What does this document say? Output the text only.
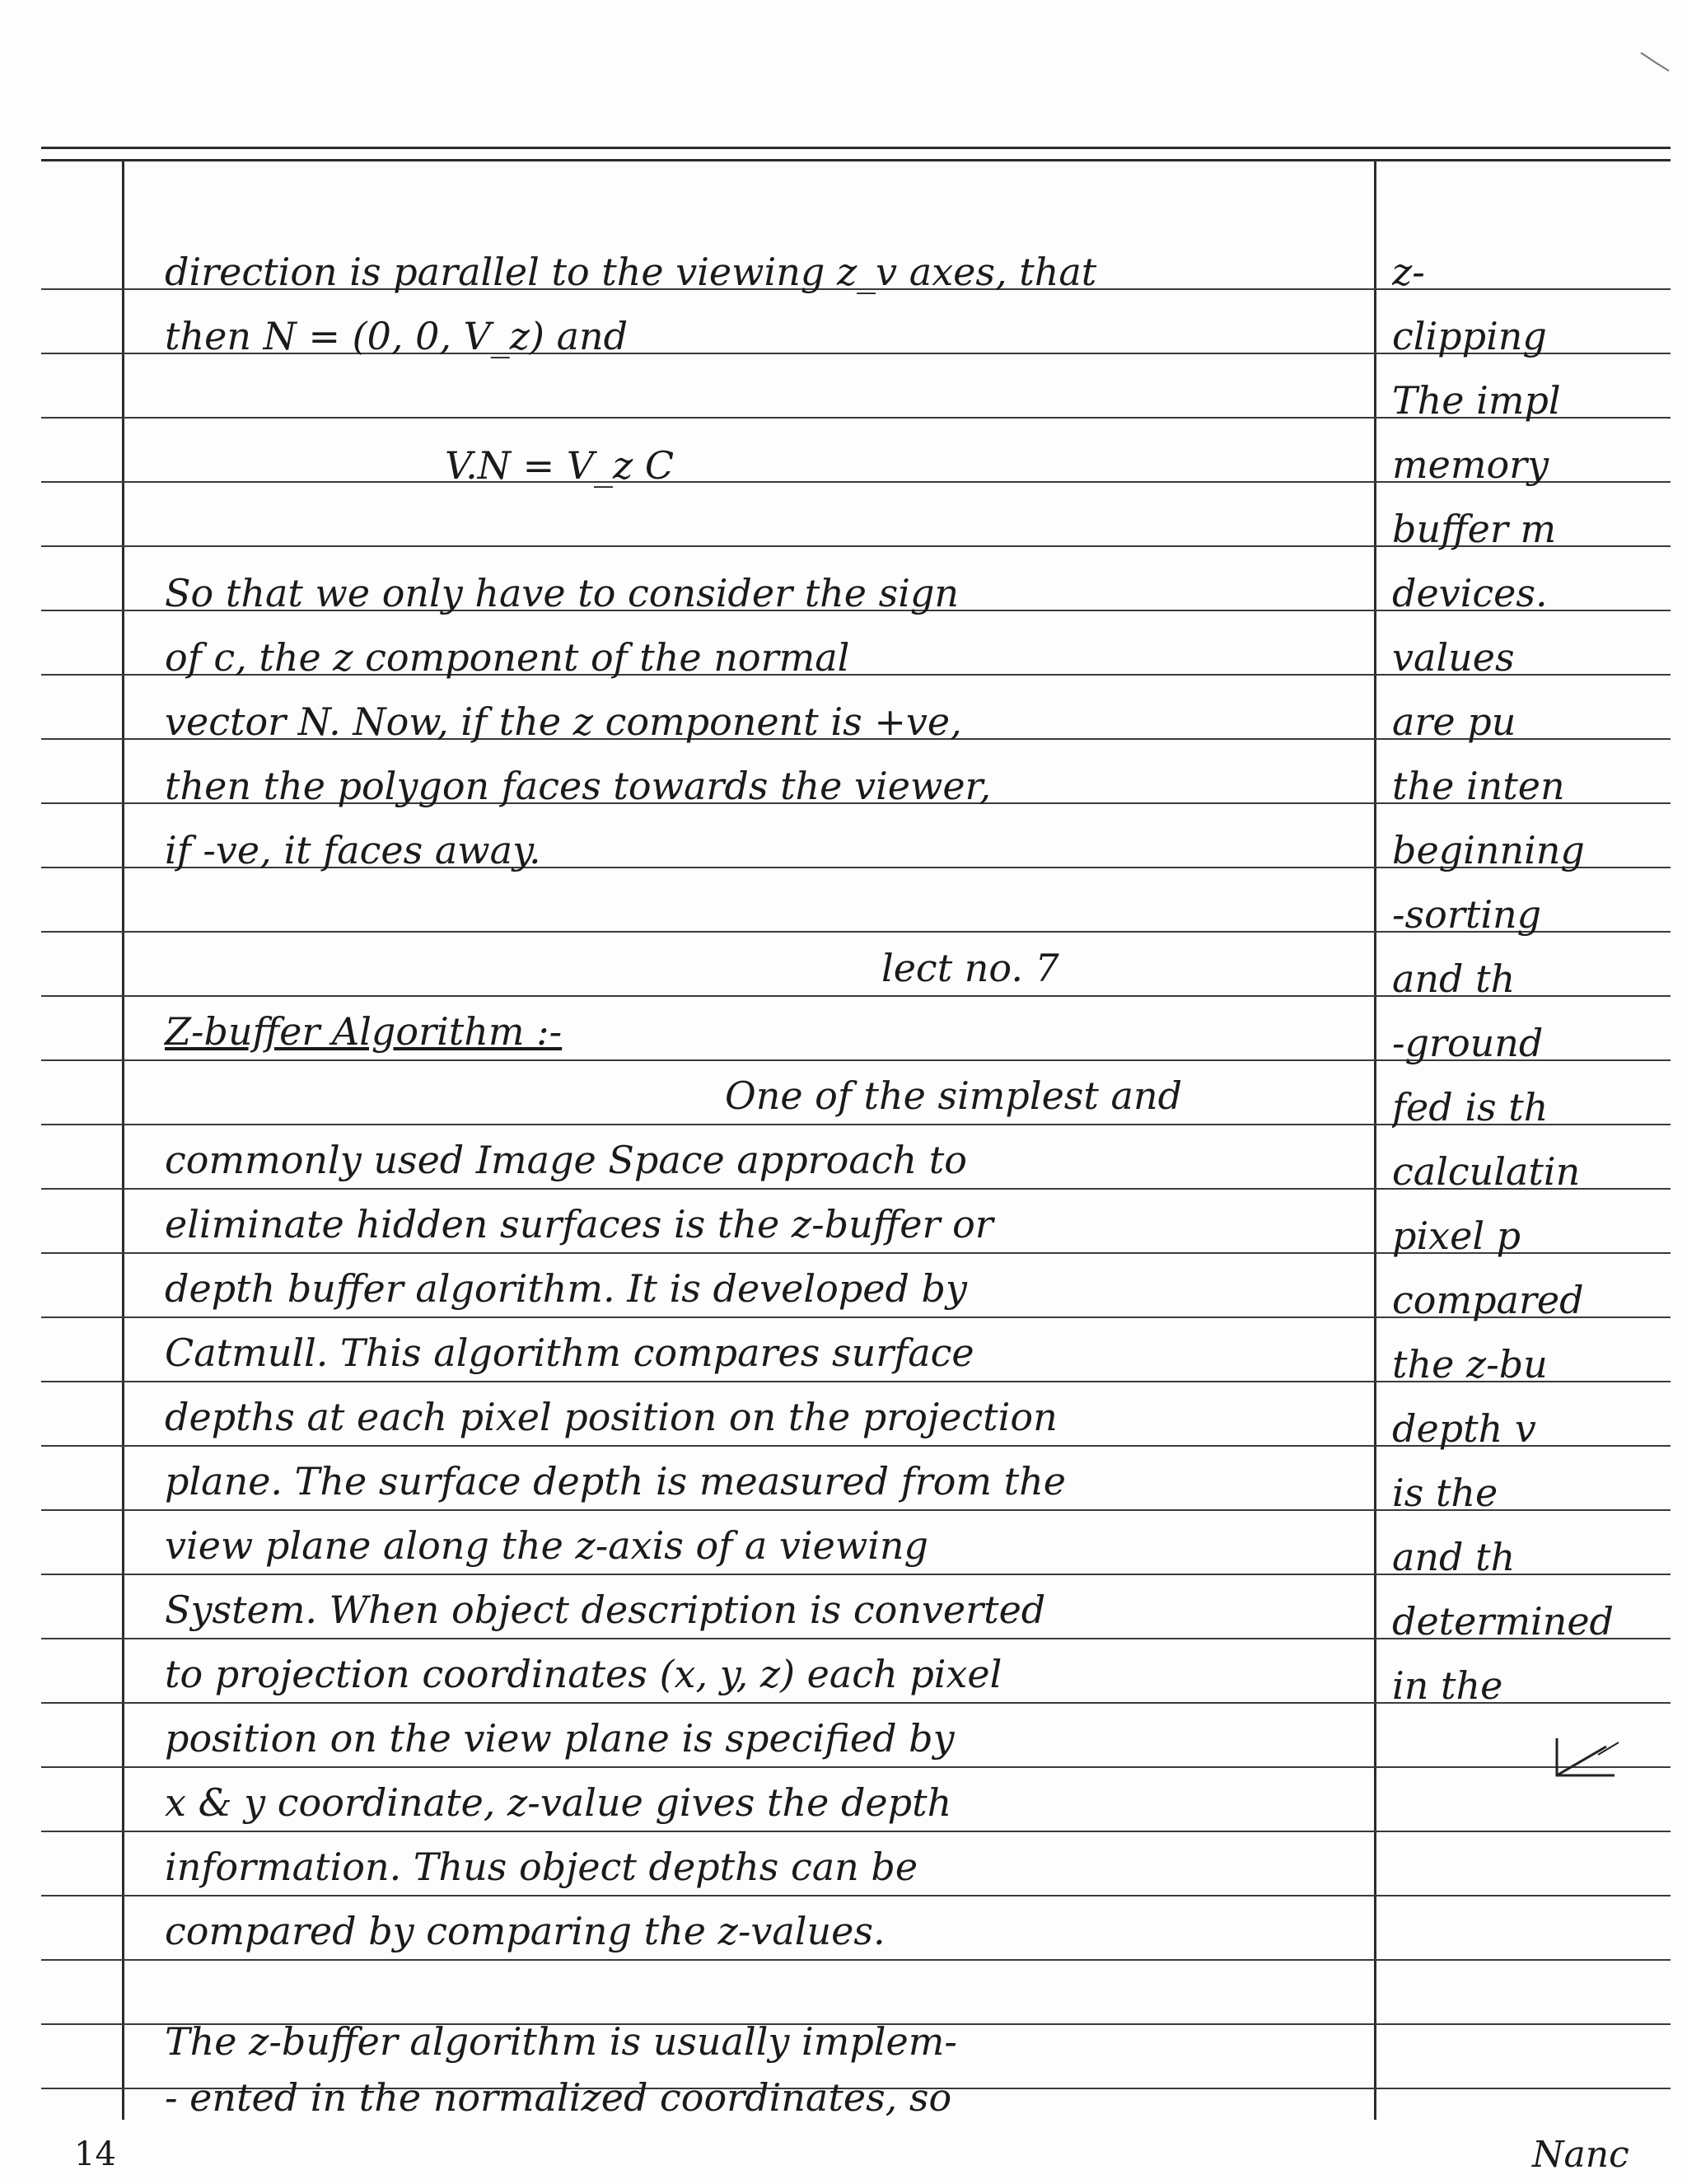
direction is parallel to the viewing z_v axes, that
then N = (0, 0, V_z) and
V.N = V_z C
So that we only have to consider the sign
of c, the z component of the normal
vector N. Now, if the z component is +ve,
then the polygon faces towards the viewer,
if -ve, it faces away.
lect no. 7
Z-buffer Algorithm :-
One of the simplest and
commonly used Image Space approach to
eliminate hidden surfaces is the z-buffer or
depth buffer algorithm. It is developed by
Catmull. This algorithm compares surface
depths at each pixel position on the projection
plane. The surface depth is measured from the
view plane along the z-axis of a viewing
System. When object description is converted
to projection coordinates (x, y, z) each pixel
position on the view plane is specified by
x & y coordinate, z-value gives the depth
information. Thus object depths can be
compared by comparing the z-values.
The z-buffer algorithm is usually implem-
- ented in the normalized coordinates, so
z-
clipping
The impl
memory
buffer m
devices.
values
are pu
the inten
beginning
-sorting
and th
-ground
fed is th
calculatin
pixel p
compared
the z-bu
depth v
is the
and th
determined
in the
14	Nanc
